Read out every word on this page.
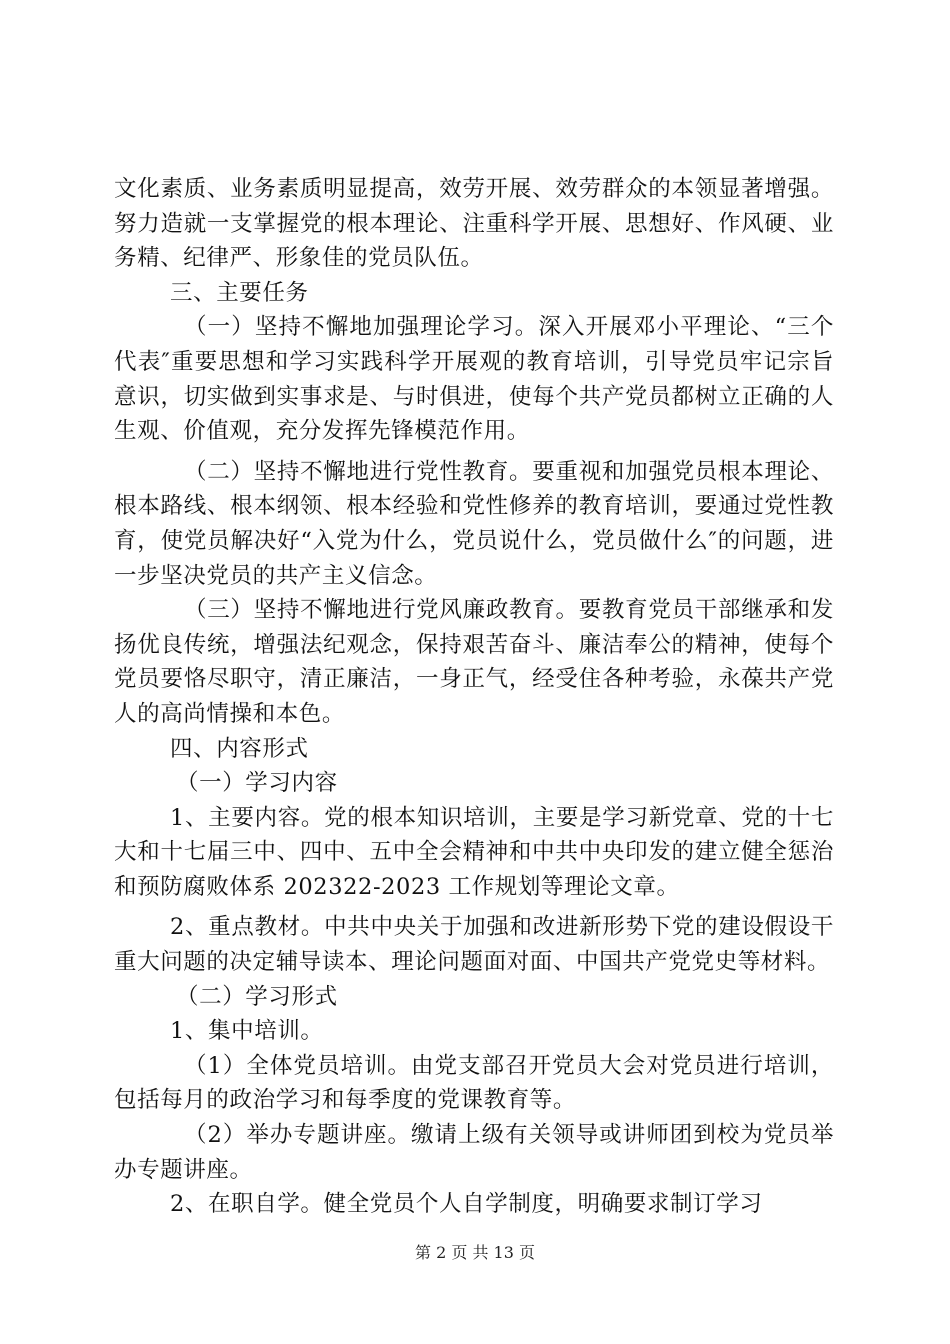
文化素质、业务素质明显提高，效劳开展、效劳群众的本领显著增强。努力造就一支掌握党的根本理论、注重科学开展、思想好、作风硬、业务精、纪律严、形象佳的党员队伍。

三、主要任务

（一）坚持不懈地加强理论学习。深入开展邓小平理论、“三个代表″重要思想和学习实践科学开展观的教育培训，引导党员牢记宗旨意识，切实做到实事求是、与时俱进，使每个共产党员都树立正确的人生观、价值观，充分发挥先锋模范作用。

（二）坚持不懈地进行党性教育。要重视和加强党员根本理论、根本路线、根本纲领、根本经验和党性修养的教育培训，要通过党性教育，使党员解决好“入党为什么，党员说什么，党员做什么″的问题，进一步坚决党员的共产主义信念。

（三）坚持不懈地进行党风廉政教育。要教育党员干部继承和发扬优良传统，增强法纪观念，保持艰苦奋斗、廉洁奉公的精神，使每个党员要恪尽职守，清正廉洁，一身正气，经受住各种考验，永葆共产党人的高尚情操和本色。

四、内容形式

（一）学习内容

1、主要内容。党的根本知识培训，主要是学习新党章、党的十七大和十七届三中、四中、五中全会精神和中共中央印发的建立健全惩治和预防腐败体系 202322-2023 工作规划等理论文章。

2、重点教材。中共中央关于加强和改进新形势下党的建设假设干重大问题的决定辅导读本、理论问题面对面、中国共产党党史等材料。

（二）学习形式

1、集中培训。

（1）全体党员培训。由党支部召开党员大会对党员进行培训，包括每月的政治学习和每季度的党课教育等。

（2）举办专题讲座。缴请上级有关领导或讲师团到校为党员举办专题讲座。

2、在职自学。健全党员个人自学制度，明确要求制订学习

第 2 页 共 13 页
